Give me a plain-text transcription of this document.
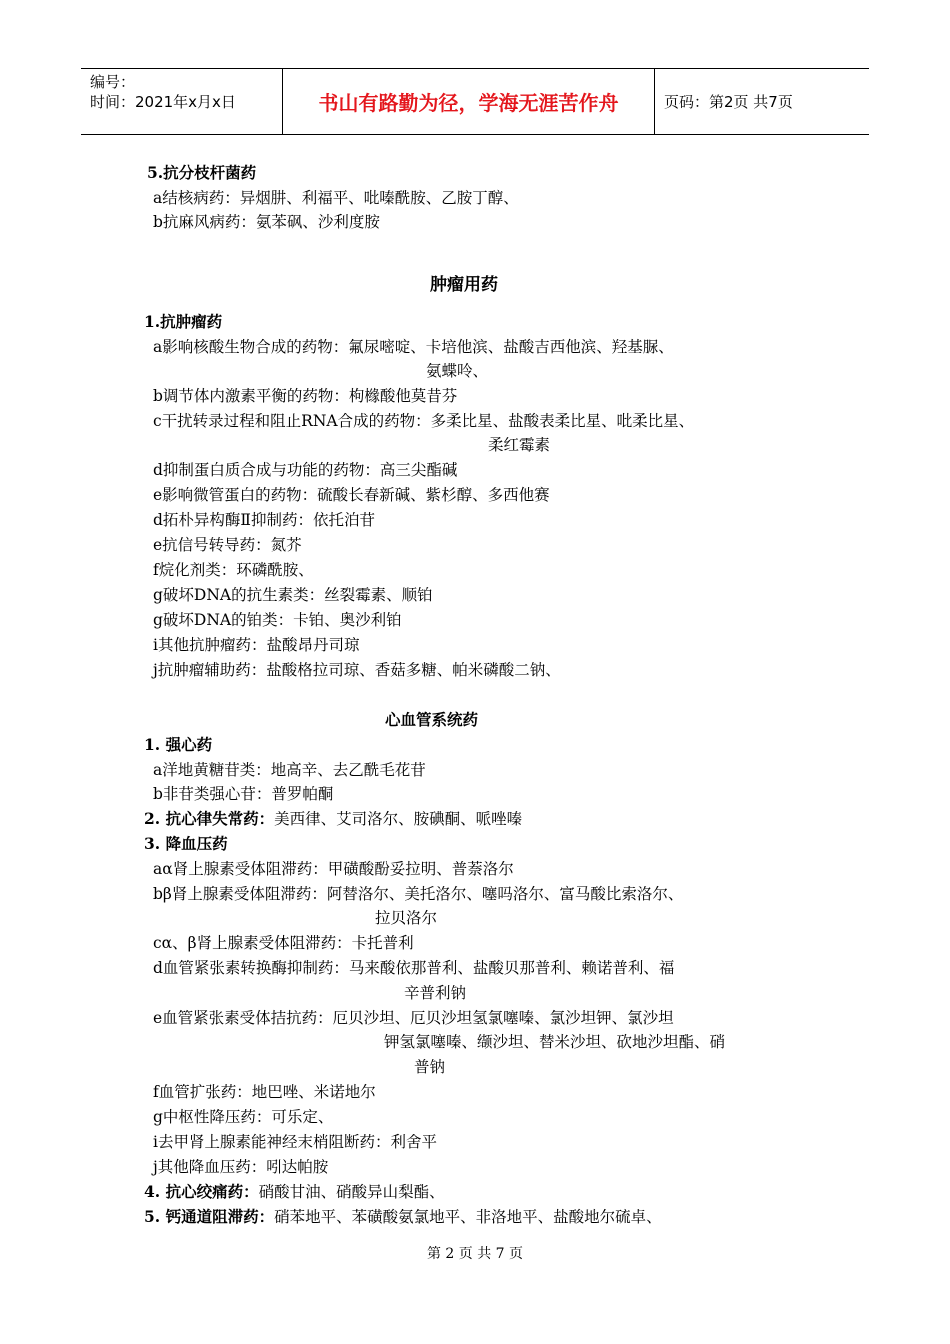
编号：
时间：2021年x月x日	书山有路勤为径，学海无涯苦作舟	页码：第2页 共7页
5.抗分枝杆菌药
a结核病药：异烟肼、利福平、吡嗪酰胺、乙胺丁醇、
b抗麻风病药：氨苯砜、沙利度胺
肿瘤用药
1.抗肿瘤药
a影响核酸生物合成的药物：氟尿嘧啶、卡培他滨、盐酸吉西他滨、羟基脲、
氨蝶呤、
b调节体内激素平衡的药物：枸橼酸他莫昔芬
c干扰转录过程和阻止RNA合成的药物：多柔比星、盐酸表柔比星、吡柔比星、
柔红霉素
d抑制蛋白质合成与功能的药物：高三尖酯碱
e影响微管蛋白的药物：硫酸长春新碱、紫杉醇、多西他赛
d拓朴异构酶Ⅱ抑制药：依托泊苷
e抗信号转导药：氮芥
f烷化剂类：环磷酰胺、
g破坏DNA的抗生素类：丝裂霉素、顺铂
g破坏DNA的铂类：卡铂、奥沙利铂
i其他抗肿瘤药：盐酸昂丹司琼
j抗肿瘤辅助药：盐酸格拉司琼、香菇多糖、帕米磷酸二钠、
心血管系统药
1. 强心药
a洋地黄糖苷类：地高辛、去乙酰毛花苷
b非苷类强心苷：普罗帕酮
2. 抗心律失常药：美西律、艾司洛尔、胺碘酮、哌唑嗪
3. 降血压药
aα肾上腺素受体阻滞药：甲磺酸酚妥拉明、普萘洛尔
bβ肾上腺素受体阻滞药：阿替洛尔、美托洛尔、噻吗洛尔、富马酸比索洛尔、
拉贝洛尔
cα、β肾上腺素受体阻滞药：卡托普利
d血管紧张素转换酶抑制药：马来酸依那普利、盐酸贝那普利、赖诺普利、福
辛普利钠
e血管紧张素受体拮抗药：厄贝沙坦、厄贝沙坦氢氯噻嗪、氯沙坦钾、氯沙坦
钾氢氯噻嗪、缬沙坦、替米沙坦、砍地沙坦酯、硝
普钠
f血管扩张药：地巴唑、米诺地尔
g中枢性降压药：可乐定、
i去甲肾上腺素能神经末梢阻断药：利舍平
j其他降血压药：吲达帕胺
4. 抗心绞痛药：硝酸甘油、硝酸异山梨酯、
5. 钙通道阻滞药：硝苯地平、苯磺酸氨氯地平、非洛地平、盐酸地尔硫卓、
第 2 页 共 7 页
